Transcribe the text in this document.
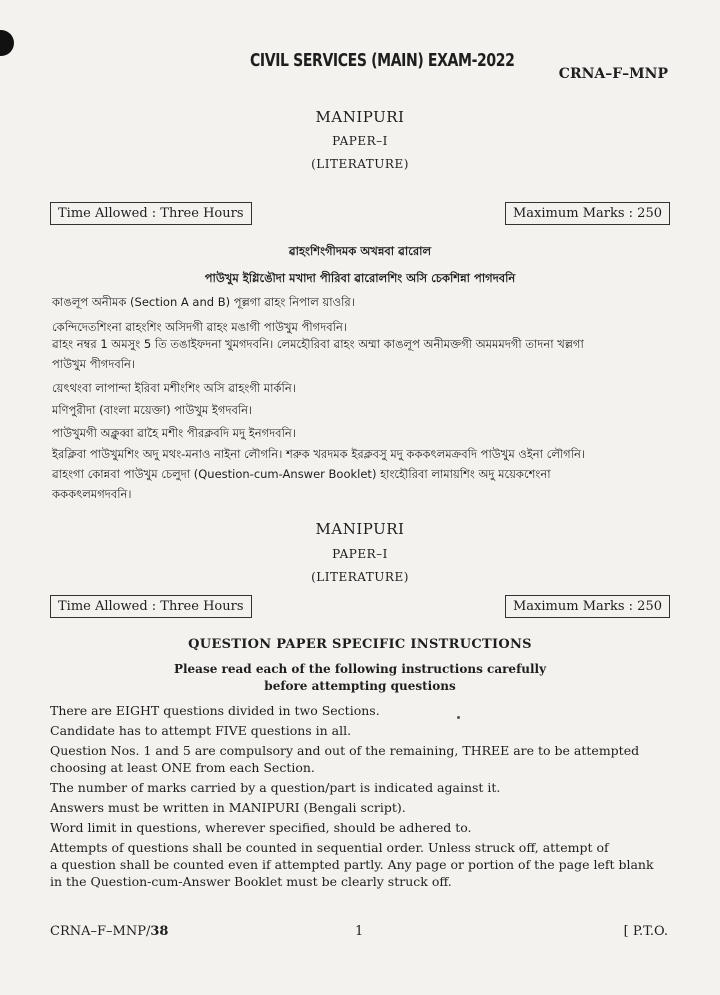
CIVIL SERVICES (MAIN) EXAM-2022
CRNA–F–MNP
MANIPURI
PAPER–I
(LITERATURE)
Time Allowed : Three Hours	Maximum Marks : 250
ৱাহংশিংগীদমক অখন্নবা ৱারোল
পাউখুম ইগ্লিঙৌদা মখাদা পীরিবা ৱারোলশিং অসি চেকশিন্না পাগদবনি
কাঙলূপ অনীমক (Section A and B) পূল্লগা ৱাহং নিপাল য়াওরি।
কেন্দিদেতশিংনা ৱাহংশিং অসিদগী ৱাহং মঙাগী পাউখুম পীগদবনি।
ৱাহং নম্বর 1 অমসুং 5 তি তঙাইফদনা খুমগদবনি। লেমহৌরিবা ৱাহং অম্মা কাঙলূপ অনীমক্তগী অমমমদগী তাদনা খল্লগা
পাউখুম পীগদবনি।
য়েৎথংবা লাপান্দা ইরিবা মশীংশিং অসি ৱাহংগী মার্কনি।
মণিপুরীদা (বাংলা ময়েক্তা) পাউখুম ইগদবনি।
পাউখুমগী অক্লুব্বা ৱাহৈ মশীং পীরক্লবদি মদু ইনগদবনি।
ইরক্লিবা পাউখুমশিং অদু মথং-মনাও নাইনা লৌগনি। শরুক খরদমক ইরক্লবসু মদু কককৎলমক্রবদি পাউখুম ওইনা লৌগনি।
ৱাহংগা কোন্নবা পাউখুম চেলুদা (Question-cum-Answer Booklet) হাংহৌরিবা লামায়শিং অদু ময়েকশেংনা
কককৎলমগদবনি।
MANIPURI
PAPER–I
(LITERATURE)
Time Allowed : Three Hours	Maximum Marks : 250
QUESTION PAPER SPECIFIC INSTRUCTIONS
Please read each of the following instructions carefully
before attempting questions
There are EIGHT questions divided in two Sections.
Candidate has to attempt FIVE questions in all.
Question Nos. 1 and 5 are compulsory and out of the remaining, THREE are to be attempted
choosing at least ONE from each Section.
The number of marks carried by a question/part is indicated against it.
Answers must be written in MANIPURI (Bengali script).
Word limit in questions, wherever specified, should be adhered to.
Attempts of questions shall be counted in sequential order. Unless struck off, attempt of
a question shall be counted even if attempted partly. Any page or portion of the page left blank
in the Question-cum-Answer Booklet must be clearly struck off.
CRNA–F–MNP/38	1	[ P.T.O.
